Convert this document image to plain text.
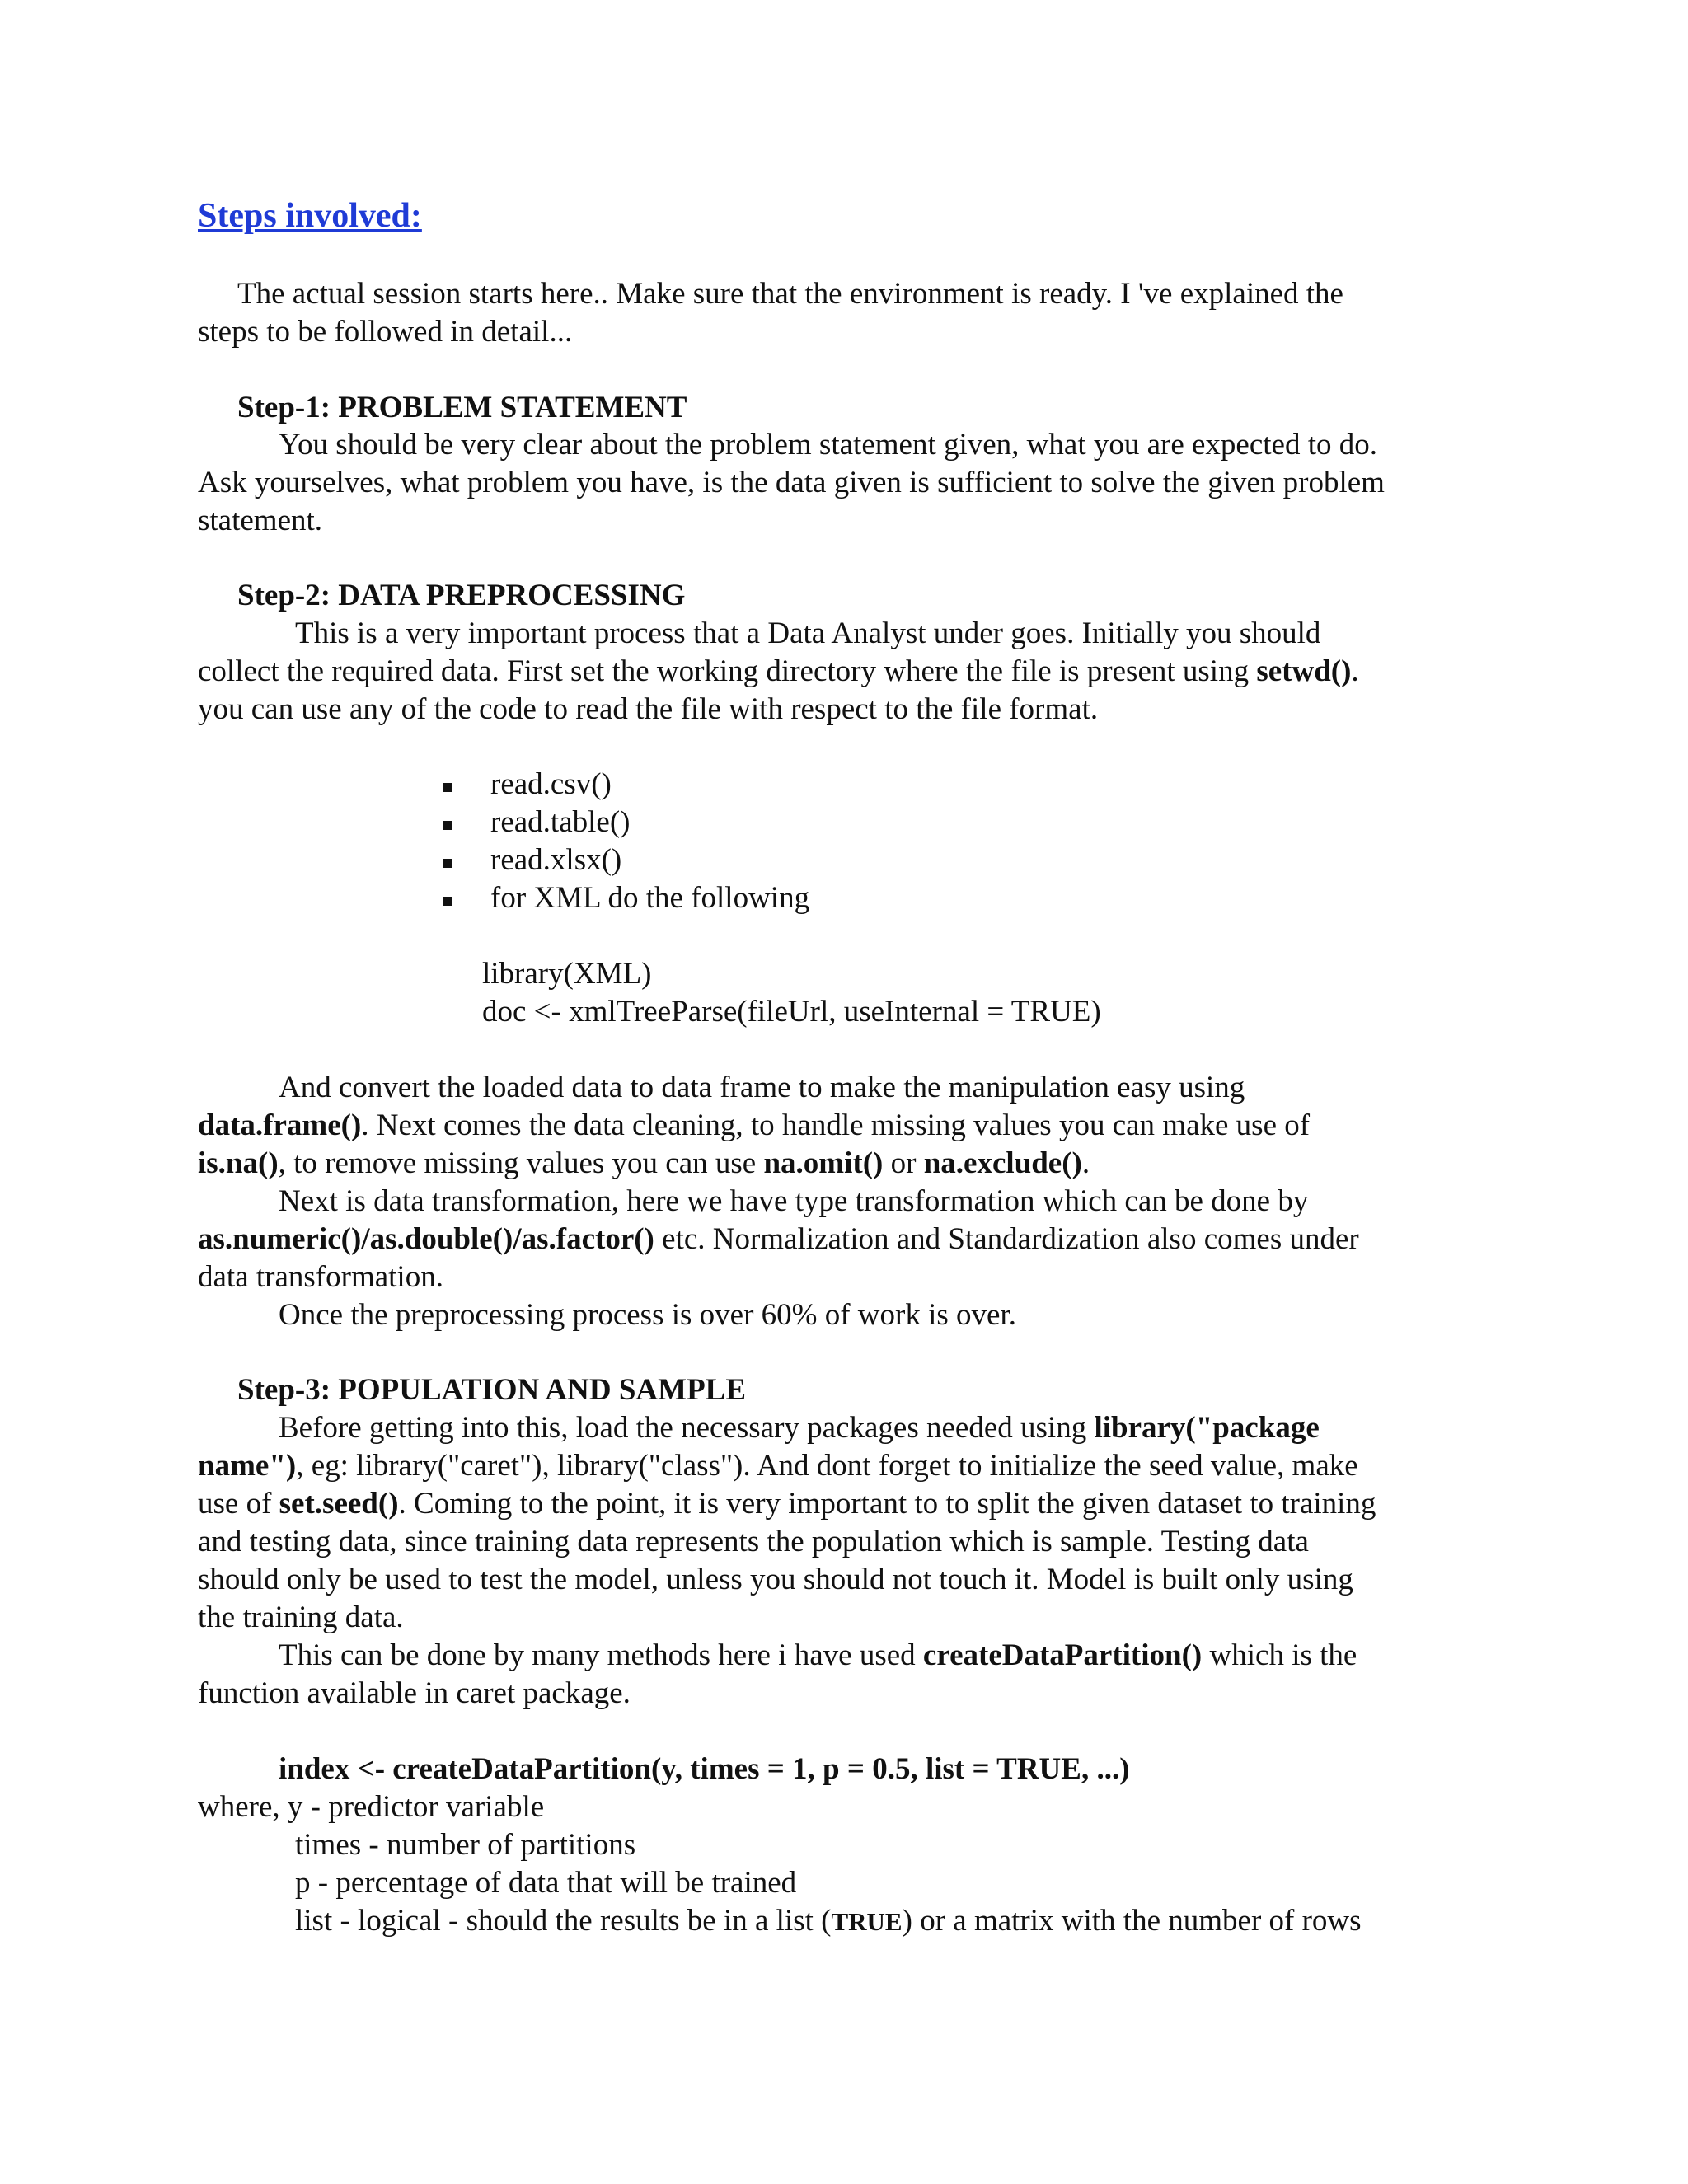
Steps involved:

The actual session starts here.. Make sure that the environment is ready. I 've explained the

steps to be followed in detail...

Step-1: PROBLEM STATEMENT

You should be very clear about the problem statement given, what you are expected to do.

Ask yourselves, what problem you have, is the data given is sufficient to solve the given problem

statement.

Step-2: DATA PREPROCESSING

This is a very important process that a Data Analyst under goes. Initially you should

collect the required data. First set the working directory where the file is present using setwd().

you can use any of the code to read the file with respect to the file format.

read.csv()

read.table()

read.xlsx()

for XML do the following

library(XML)

doc <- xmlTreeParse(fileUrl, useInternal = TRUE)

And convert the loaded data to data frame to make the manipulation easy using

data.frame(). Next comes the data cleaning, to handle missing values you can make use of

is.na(), to remove missing values you can use na.omit() or na.exclude().

Next is data transformation, here we have type transformation which can be done by

as.numeric()/as.double()/as.factor() etc. Normalization and Standardization also comes under

data transformation.

Once the preprocessing process is over 60% of work is over.

Step-3: POPULATION AND SAMPLE

Before getting into this, load the necessary packages needed using library("package

name"), eg: library("caret"), library("class"). And dont forget to initialize the seed value, make

use of set.seed(). Coming to the point, it is very important to to split the given dataset to training

and testing data, since training data represents the population which is sample. Testing data

should only be used to test the model, unless you should not touch it. Model is built only using

the training data.

This can be done by many methods here i have used createDataPartition() which is the

function available in caret package.

index <- createDataPartition(y, times = 1, p = 0.5, list = TRUE, ...)

where, y - predictor variable

times - number of partitions

p - percentage of data that will be trained

list - logical - should the results be in a list (TRUE) or a matrix with the number of rows
